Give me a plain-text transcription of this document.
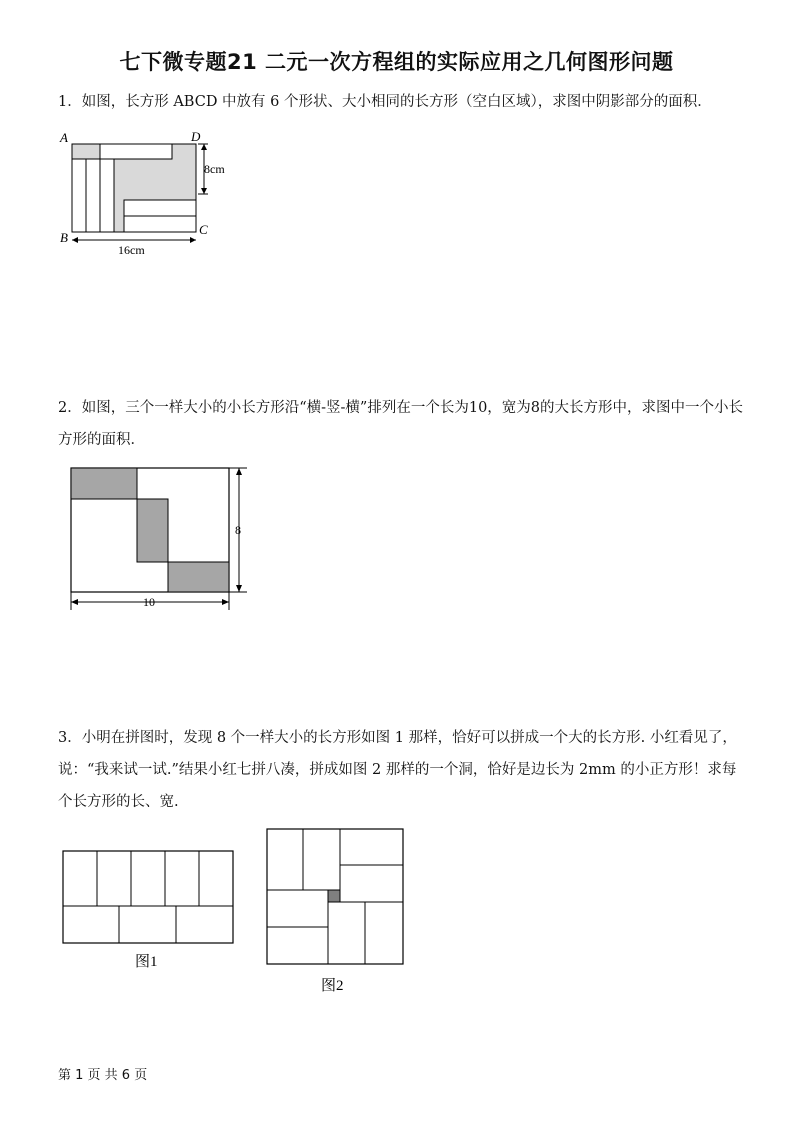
七下微专题21 二元一次方程组的实际应用之几何图形问题
1．如图，长方形 ABCD 中放有 6 个形状、大小相同的长方形（空白区域），求图中阴影部分的面积．
A	D
B
C
8cm
16cm
2．如图，三个一样大小的小长方形沿“横-竖-横”排列在一个长为10，宽为8的大长方形中，求图中一个小长方形的面积．
8
10
3．小明在拼图时，发现 8 个一样大小的长方形如图 1 那样，恰好可以拼成一个大的长方形. 小红看见了，说：“我来试一试.”结果小红七拼八凑，拼成如图 2 那样的一个洞，恰好是边长为 2mm 的小正方形！求每个长方形的长、宽.
图1
图2
第 1 页 共 6 页
